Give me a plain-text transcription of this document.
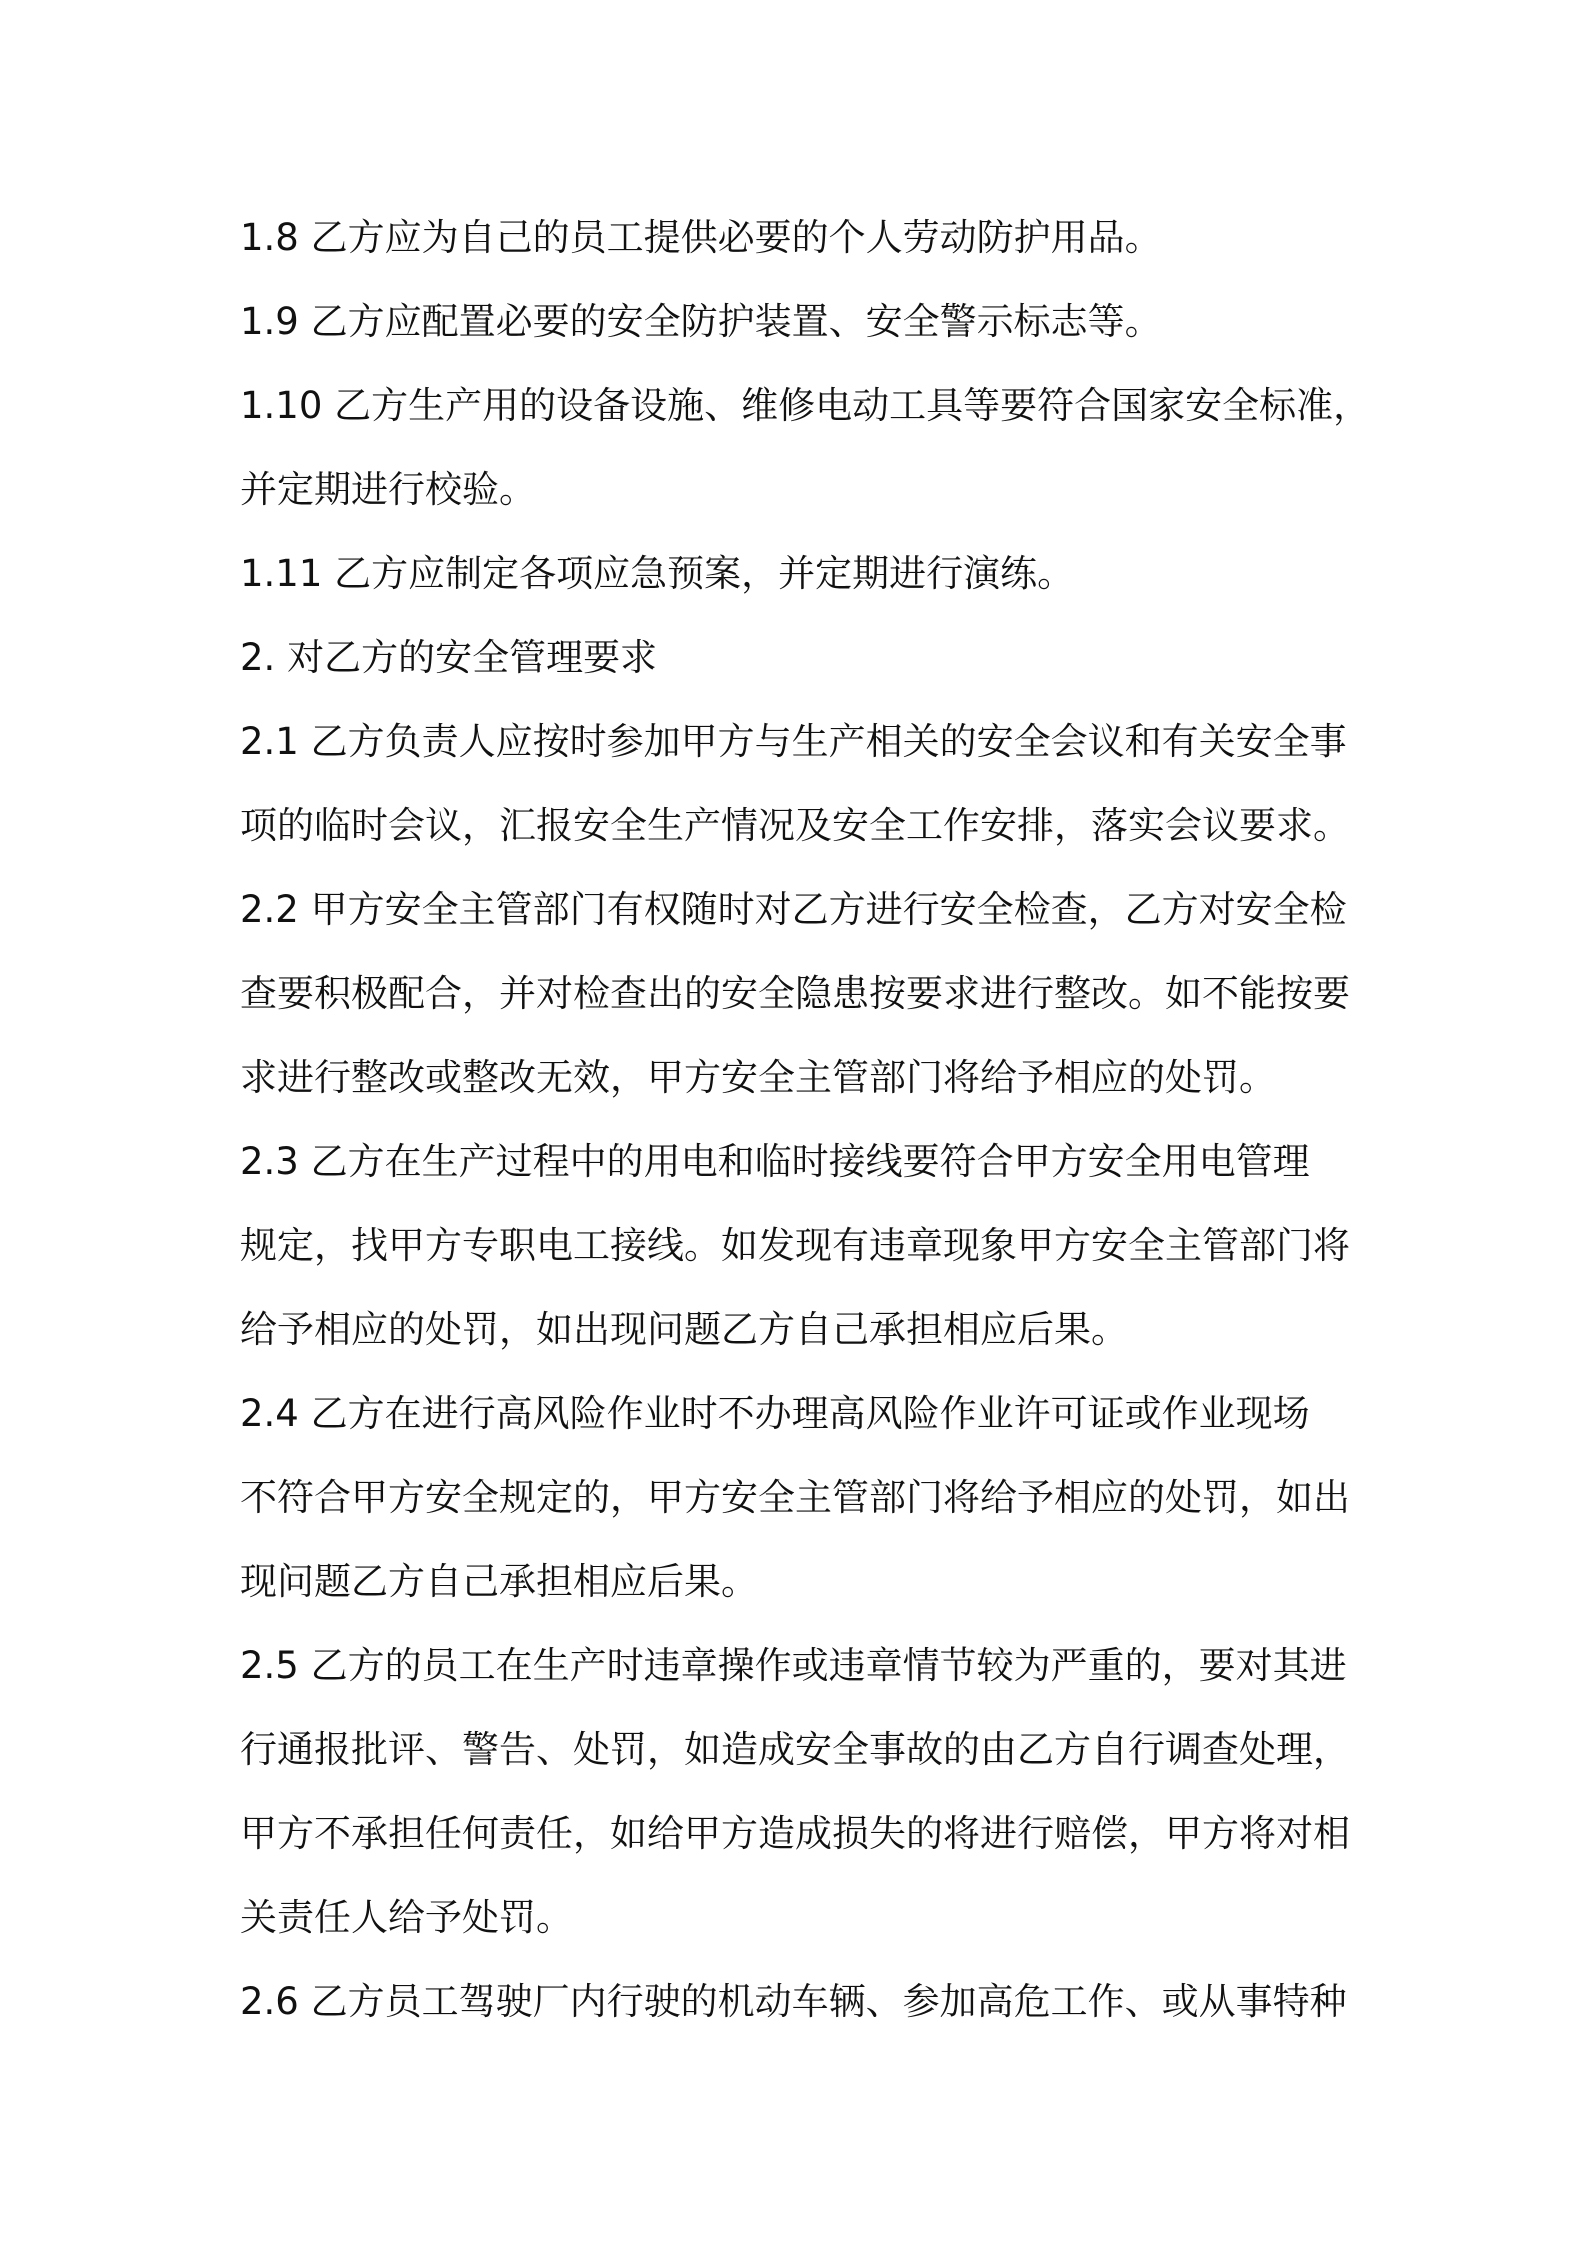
1.8 乙方应为自己的员工提供必要的个人劳动防护用品。
1.9 乙方应配置必要的安全防护装置、安全警示标志等。
1.10 乙方生产用的设备设施、维修电动工具等要符合国家安全标准，
并定期进行校验。
1.11 乙方应制定各项应急预案，并定期进行演练。
2. 对乙方的安全管理要求
2.1 乙方负责人应按时参加甲方与生产相关的安全会议和有关安全事
项的临时会议，汇报安全生产情况及安全工作安排，落实会议要求。
2.2 甲方安全主管部门有权随时对乙方进行安全检查，乙方对安全检
查要积极配合，并对检查出的安全隐患按要求进行整改。如不能按要
求进行整改或整改无效，甲方安全主管部门将给予相应的处罚。
2.3 乙方在生产过程中的用电和临时接线要符合甲方安全用电管理
规定，找甲方专职电工接线。如发现有违章现象甲方安全主管部门将
给予相应的处罚，如出现问题乙方自己承担相应后果。
2.4 乙方在进行高风险作业时不办理高风险作业许可证或作业现场
不符合甲方安全规定的，甲方安全主管部门将给予相应的处罚，如出
现问题乙方自己承担相应后果。
2.5 乙方的员工在生产时违章操作或违章情节较为严重的，要对其进
行通报批评、警告、处罚，如造成安全事故的由乙方自行调查处理，
甲方不承担任何责任，如给甲方造成损失的将进行赔偿，甲方将对相
关责任人给予处罚。
2.6 乙方员工驾驶厂内行驶的机动车辆、参加高危工作、或从事特种
